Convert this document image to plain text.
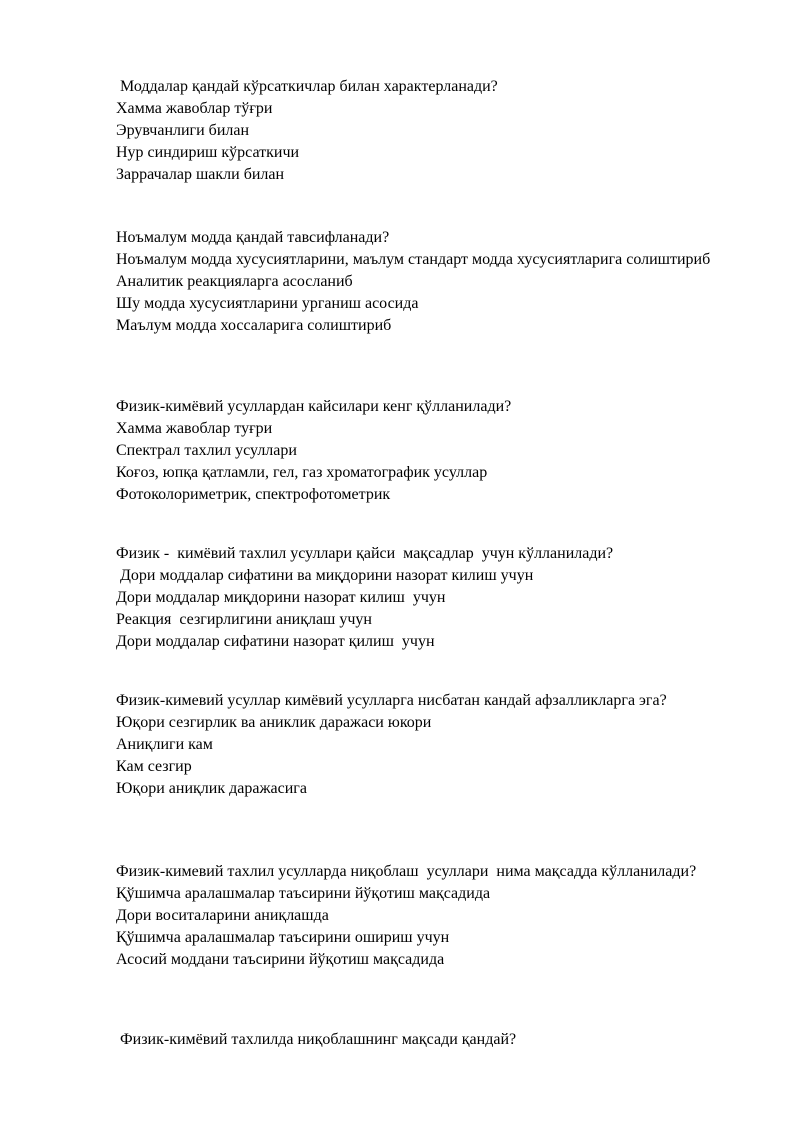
Моддалар қандай кўрсаткичлар билан характерланади?
Хамма жавоблар тўғри
Эрувчанлиги билан
Нур синдириш кўрсаткичи
Заррачалар шакли билан
Ноъмалум модда қандай тавсифланади?
Ноъмалум модда хусусиятларини, маълум стандарт модда хусусиятларига солиштириб
Аналитик реакцияларга асосланиб
Шу модда хусусиятларини урганиш асосида
Маълум модда хоссаларига солиштириб
Физик-кимёвий усуллардан кайсилари кенг қўлланилади?
Хамма жавоблар туғри
Спектрал тахлил усуллари
Коғоз, юпқа қатламли, гел, газ хроматографик усуллар
Фотоколориметрик, спектрофотометрик
Физик -  кимёвий тахлил усуллари қайси  мақсадлар  учун кўлланилади?
Дори моддалар сифатини ва миқдорини назорат килиш учун
Дори моддалар миқдорини назорат килиш  учун
Реакция  сезгирлигини аниқлаш учун
Дори моддалар сифатини назорат қилиш  учун
Физик-кимевий усуллар кимёвий усулларга нисбатан кандай афзалликларга эга?
Юқори сезгирлик ва аниклик даражаси юкори
Аниқлиги кам
Кам сезгир
Юқори аниқлик даражасига
Физик-кимевий тахлил усулларда ниқоблаш  усуллари  нима мақсадда кўлланилади?
Қўшимча аралашмалар таъсирини йўқотиш мақсадида
Дори воситаларини аниқлашда
Қўшимча аралашмалар таъсирини ошириш учун
Асосий моддани таъсирини йўқотиш мақсадида
Физик-кимёвий тахлилда ниқоблашнинг мақсади қандай?
